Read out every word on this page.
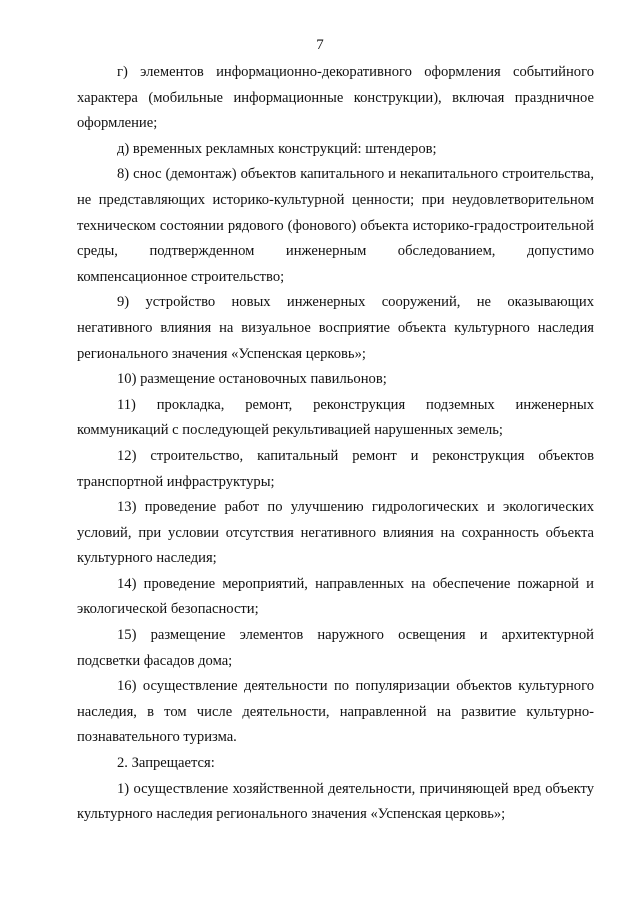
7

г) элементов информационно-декоративного оформления событийного характера (мобильные информационные конструкции), включая праздничное оформление;

д) временных рекламных конструкций: штендеров;

8) снос (демонтаж) объектов капитального и некапитального строительства, не представляющих историко-культурной ценности; при неудовлетворительном техническом состоянии рядового (фонового) объекта историко-градостроительной среды, подтвержденном инженерным обследованием, допустимо компенсационное строительство;

9) устройство новых инженерных сооружений, не оказывающих негативного влияния на визуальное восприятие объекта культурного наследия регионального значения «Успенская церковь»;

10) размещение остановочных павильонов;

11) прокладка, ремонт, реконструкция подземных инженерных коммуникаций с последующей рекультивацией нарушенных земель;

12) строительство, капитальный ремонт и реконструкция объектов транспортной инфраструктуры;

13) проведение работ по улучшению гидрологических и экологических условий, при условии отсутствия негативного влияния на сохранность объекта культурного наследия;

14) проведение мероприятий, направленных на обеспечение пожарной и экологической безопасности;

15) размещение элементов наружного освещения и архитектурной подсветки фасадов дома;

16) осуществление деятельности по популяризации объектов культурного наследия, в том числе деятельности, направленной на развитие культурно-познавательного туризма.

2. Запрещается:

1) осуществление хозяйственной деятельности, причиняющей вред объекту культурного наследия регионального значения «Успенская церковь»;
